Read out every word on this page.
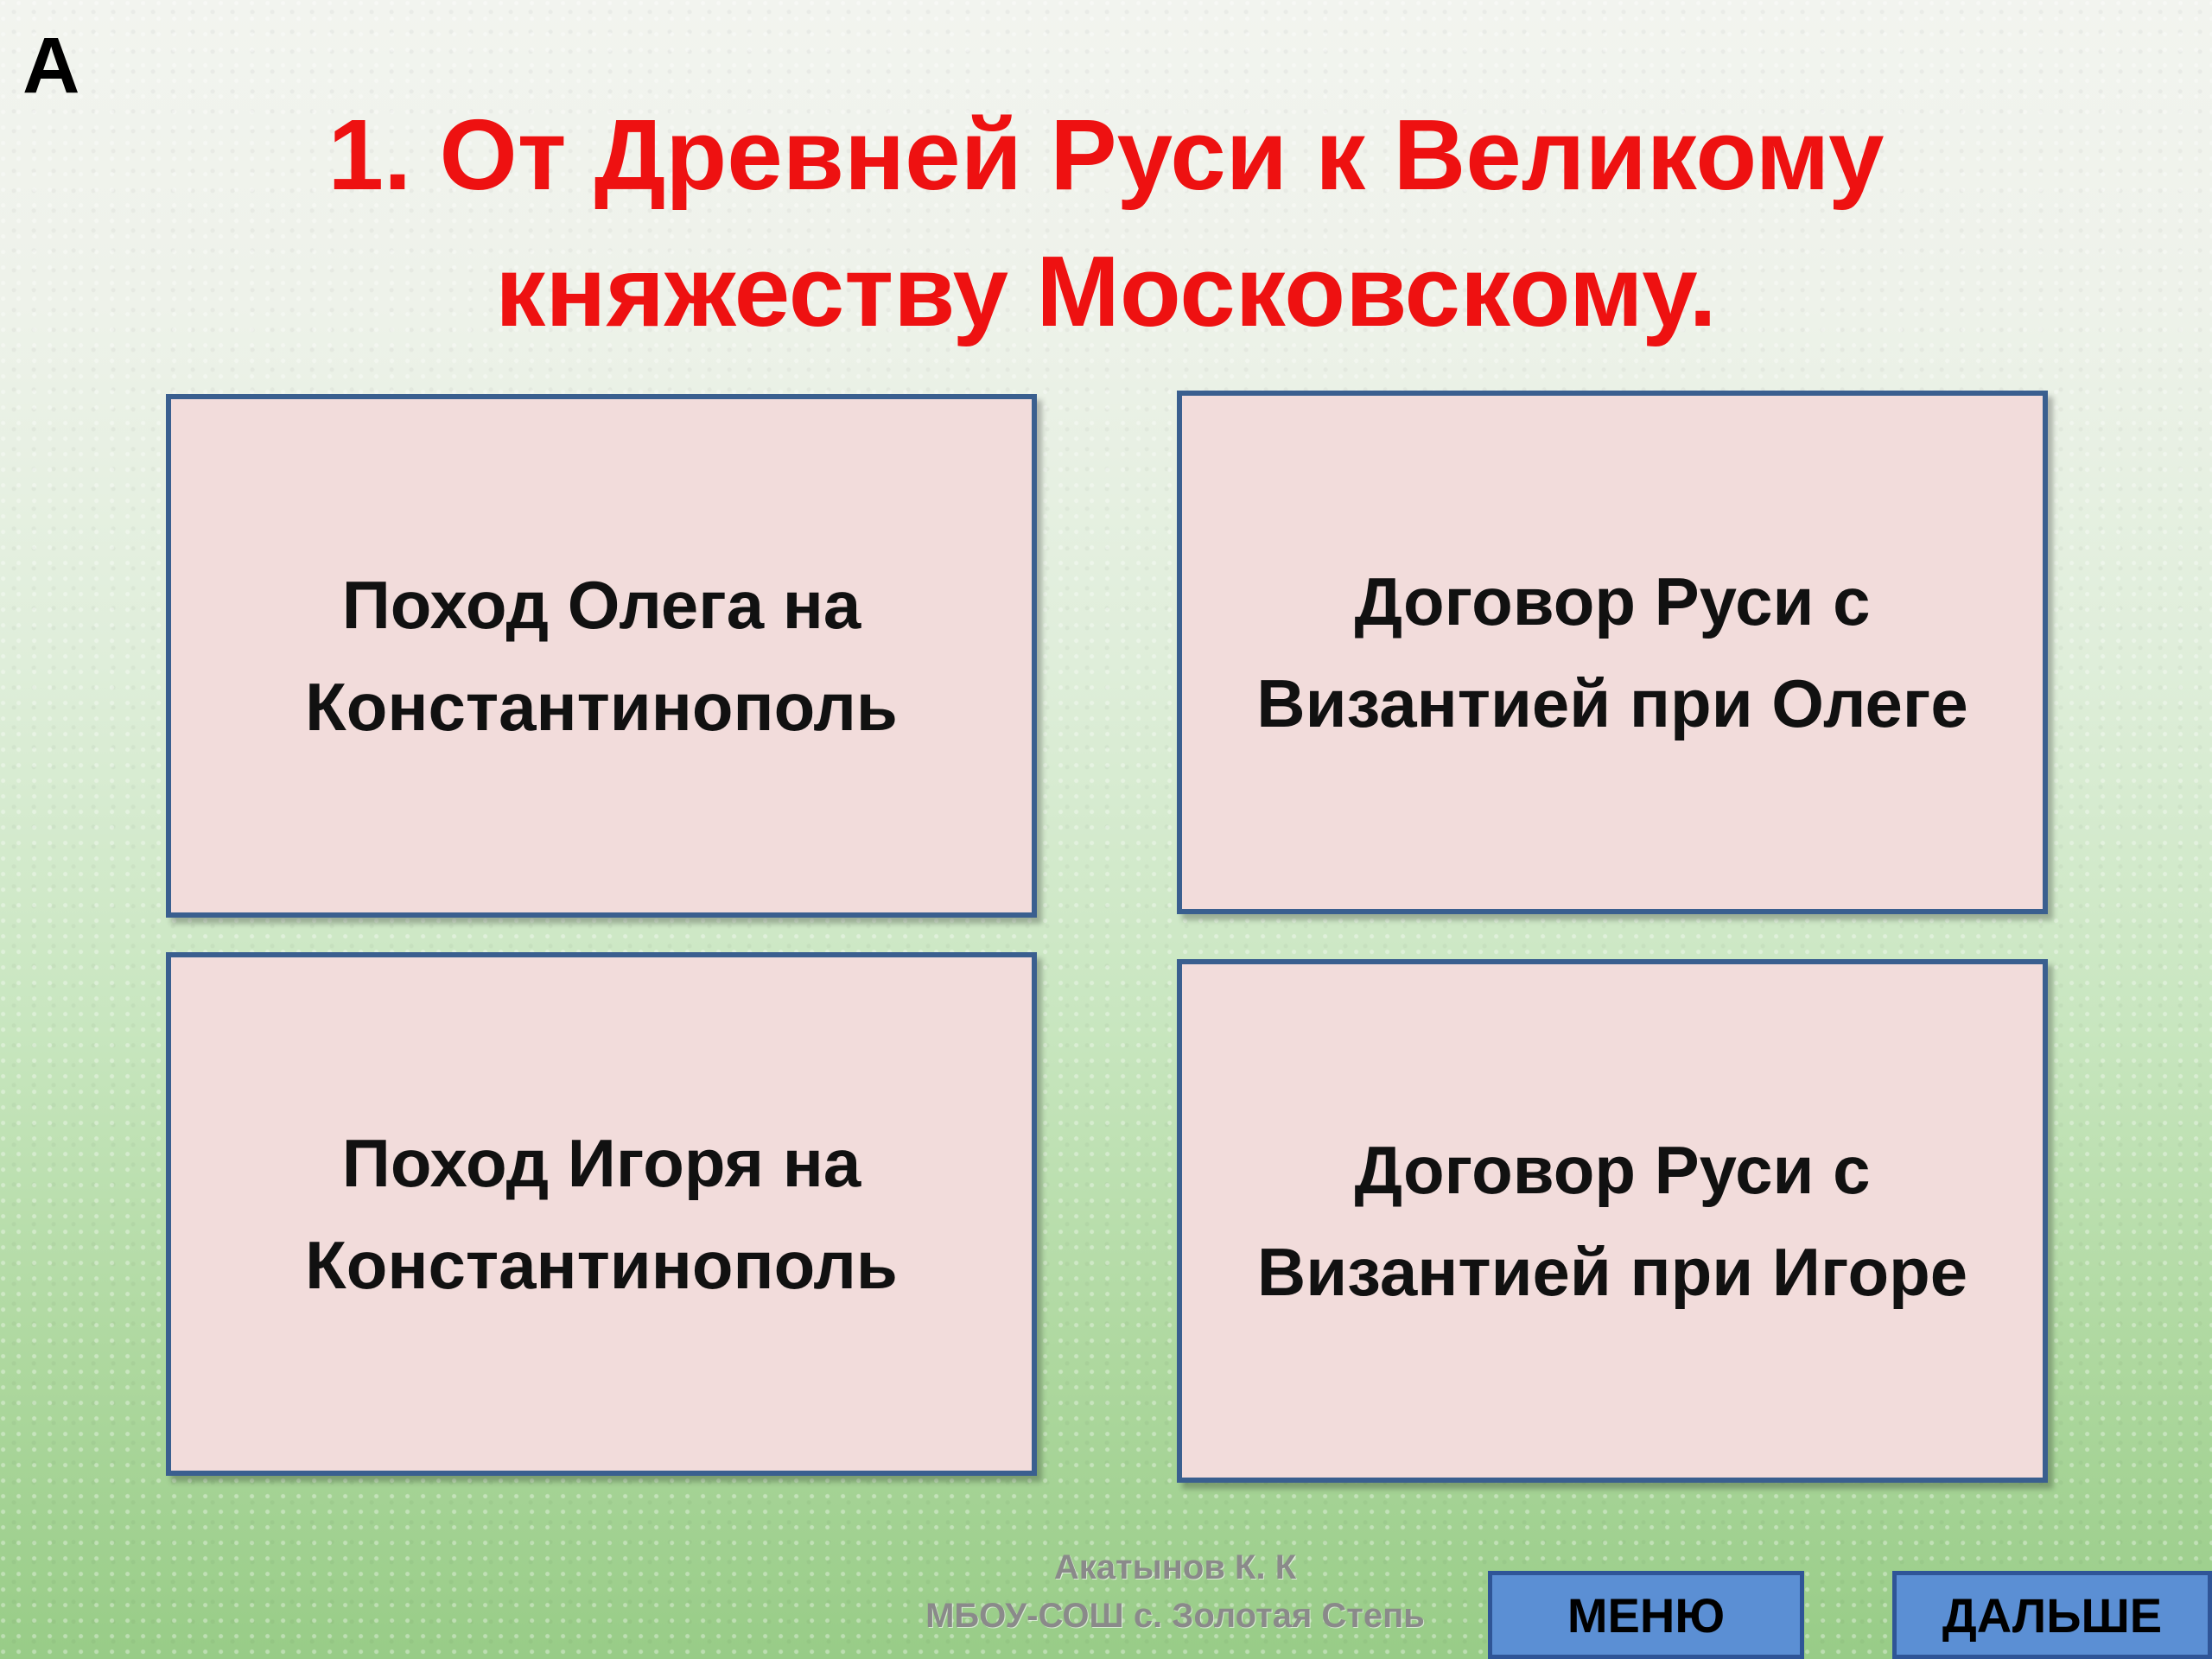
А
1. От Древней Руси к Великому княжеству Московскому.
Поход Олега на Константинополь
Договор Руси с Византией при Олеге
Поход Игоря на Константинополь
Договор Руси с Византией при Игоре
Акатынов К. К
МБОУ-СОШ с. Золотая Степь	МЕНЮ	ДАЛЬШЕ
